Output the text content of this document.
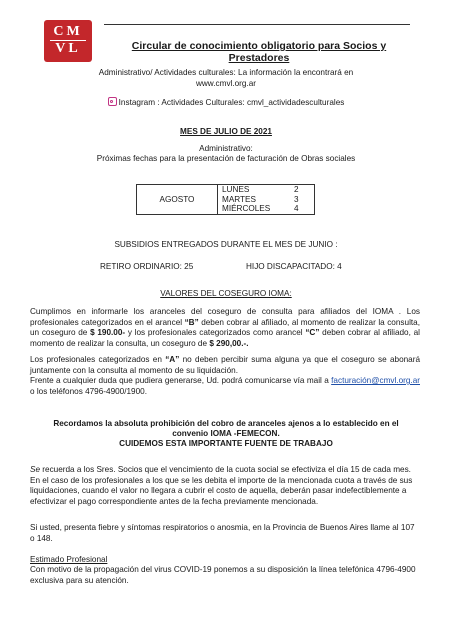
CM
VL	Circular de conocimiento obligatorio para Socios y Prestadores
Administrativo/ Actividades culturales: La información la encontrará en
www.cmvl.org.ar
Instagram : Actividades Culturales: cmvl_actividadesculturales
MES DE JULIO DE 2021
Administrativo:
Próximas fechas para la presentación de facturación de Obras sociales
AGOSTO	
LUNES	2
MARTES	3
MIÉRCOLES	4
SUBSIDIOS ENTREGADOS DURANTE EL MES DE JUNIO :
RETIRO ORDINARIO: 25	HIJO DISCAPACITADO: 4
VALORES DEL COSEGURO IOMA:
Cumplimos en informarle los aranceles del coseguro de consulta para afiliados del IOMA . Los profesionales categorizados en el arancel “B” deben cobrar al afiliado, al momento de realizar la consulta, un coseguro de $ 190.00- y los profesionales categorizados como arancel “C” deben cobrar al afiliado, al momento de realizar la consulta, un coseguro de $ 290,00.-.
Los profesionales categorizados en “A” no deben percibir suma alguna ya que el coseguro se abonará juntamente con la consulta al momento de su liquidación.
Frente a cualquier duda que pudiera generarse, Ud. podrá comunicarse vía mail a facturación@cmvl.org.ar o los teléfonos 4796-4900/1900.
Recordamos la absoluta prohibición del cobro de aranceles ajenos a lo establecido en el
convenio IOMA -FEMECON.
CUIDEMOS ESTA IMPORTANTE FUENTE DE TRABAJO
Se recuerda a los Sres. Socios que el vencimiento de la cuota social se efectiviza el día 15 de cada mes. En el caso de los profesionales a los que se les debita el importe de la mencionada cuota a través de sus liquidaciones, cuando el valor no llegara a cubrir el costo de aquella, deberán pasar indefectiblemente a efectivizar el pago correspondiente antes de la fecha previamente mencionada.
Si usted, presenta fiebre y síntomas respiratorios o anosmia, en la Provincia de Buenos Aires llame al 107 o 148.
Estimado Profesional
Con motivo de la propagación del virus COVID-19 ponemos a su disposición la línea telefónica 4796-4900 exclusiva para su atención.
